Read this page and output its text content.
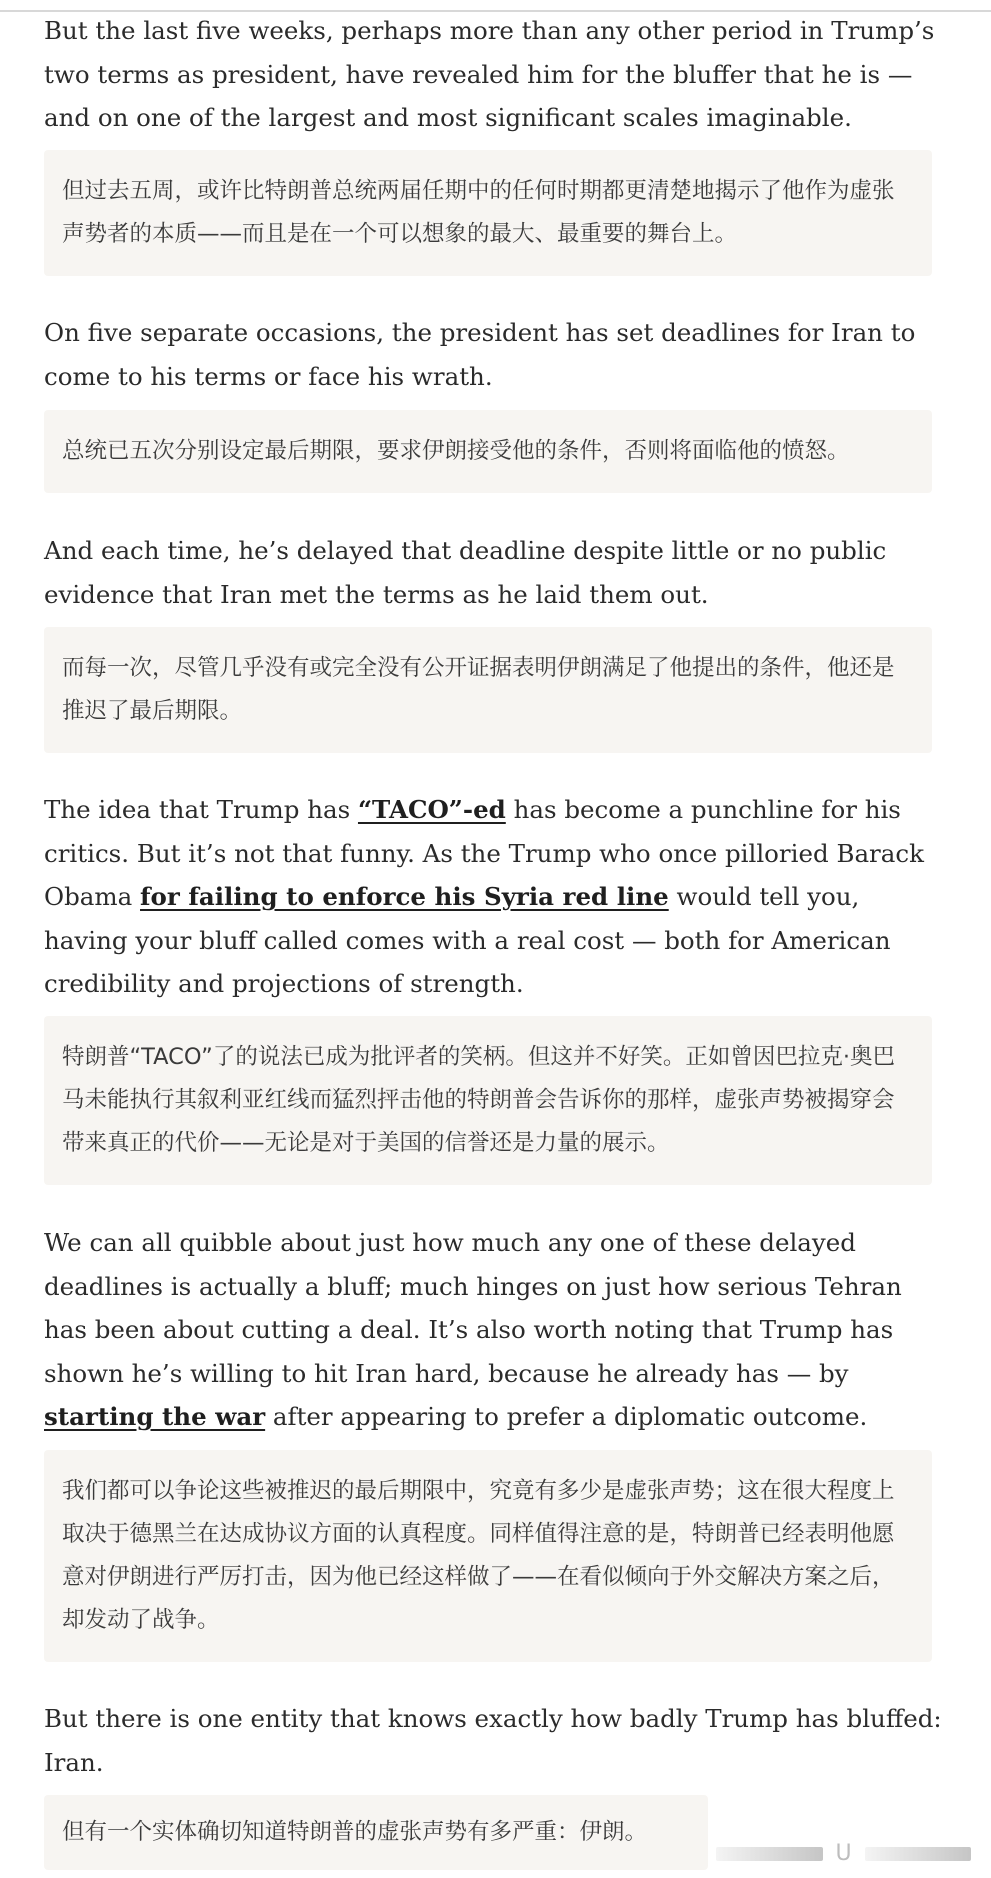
But the last five weeks, perhaps more than any other period in Trump’s two terms as president, have revealed him for the bluffer that he is — and on one of the largest and most significant scales imaginable.

但过去五周，或许比特朗普总统两届任期中的任何时期都更清楚地揭示了他作为虚张声势者的本质——而且是在一个可以想象的最大、最重要的舞台上。

On five separate occasions, the president has set deadlines for Iran to come to his terms or face his wrath.

总统已五次分别设定最后期限，要求伊朗接受他的条件，否则将面临他的愤怒。

And each time, he’s delayed that deadline despite little or no public evidence that Iran met the terms as he laid them out.

而每一次，尽管几乎没有或完全没有公开证据表明伊朗满足了他提出的条件，他还是推迟了最后期限。

The idea that Trump has “TACO”-ed has become a punchline for his critics. But it’s not that funny. As the Trump who once pilloried Barack Obama for failing to enforce his Syria red line would tell you, having your bluff called comes with a real cost — both for American credibility and projections of strength.

特朗普“TACO”了的说法已成为批评者的笑柄。但这并不好笑。正如曾因巴拉克·奥巴马未能执行其叙利亚红线而猛烈抨击他的特朗普会告诉你的那样，虚张声势被揭穿会带来真正的代价——无论是对于美国的信誉还是力量的展示。

We can all quibble about just how much any one of these delayed deadlines is actually a bluff; much hinges on just how serious Tehran has been about cutting a deal. It’s also worth noting that Trump has shown he’s willing to hit Iran hard, because he already has — by starting the war after appearing to prefer a diplomatic outcome.

我们都可以争论这些被推迟的最后期限中，究竟有多少是虚张声势；这在很大程度上取决于德黑兰在达成协议方面的认真程度。同样值得注意的是，特朗普已经表明他愿意对伊朗进行严厉打击，因为他已经这样做了——在看似倾向于外交解决方案之后，却发动了战争。

But there is one entity that knows exactly how badly Trump has bluffed: Iran.

但有一个实体确切知道特朗普的虚张声势有多严重：伊朗。

U
